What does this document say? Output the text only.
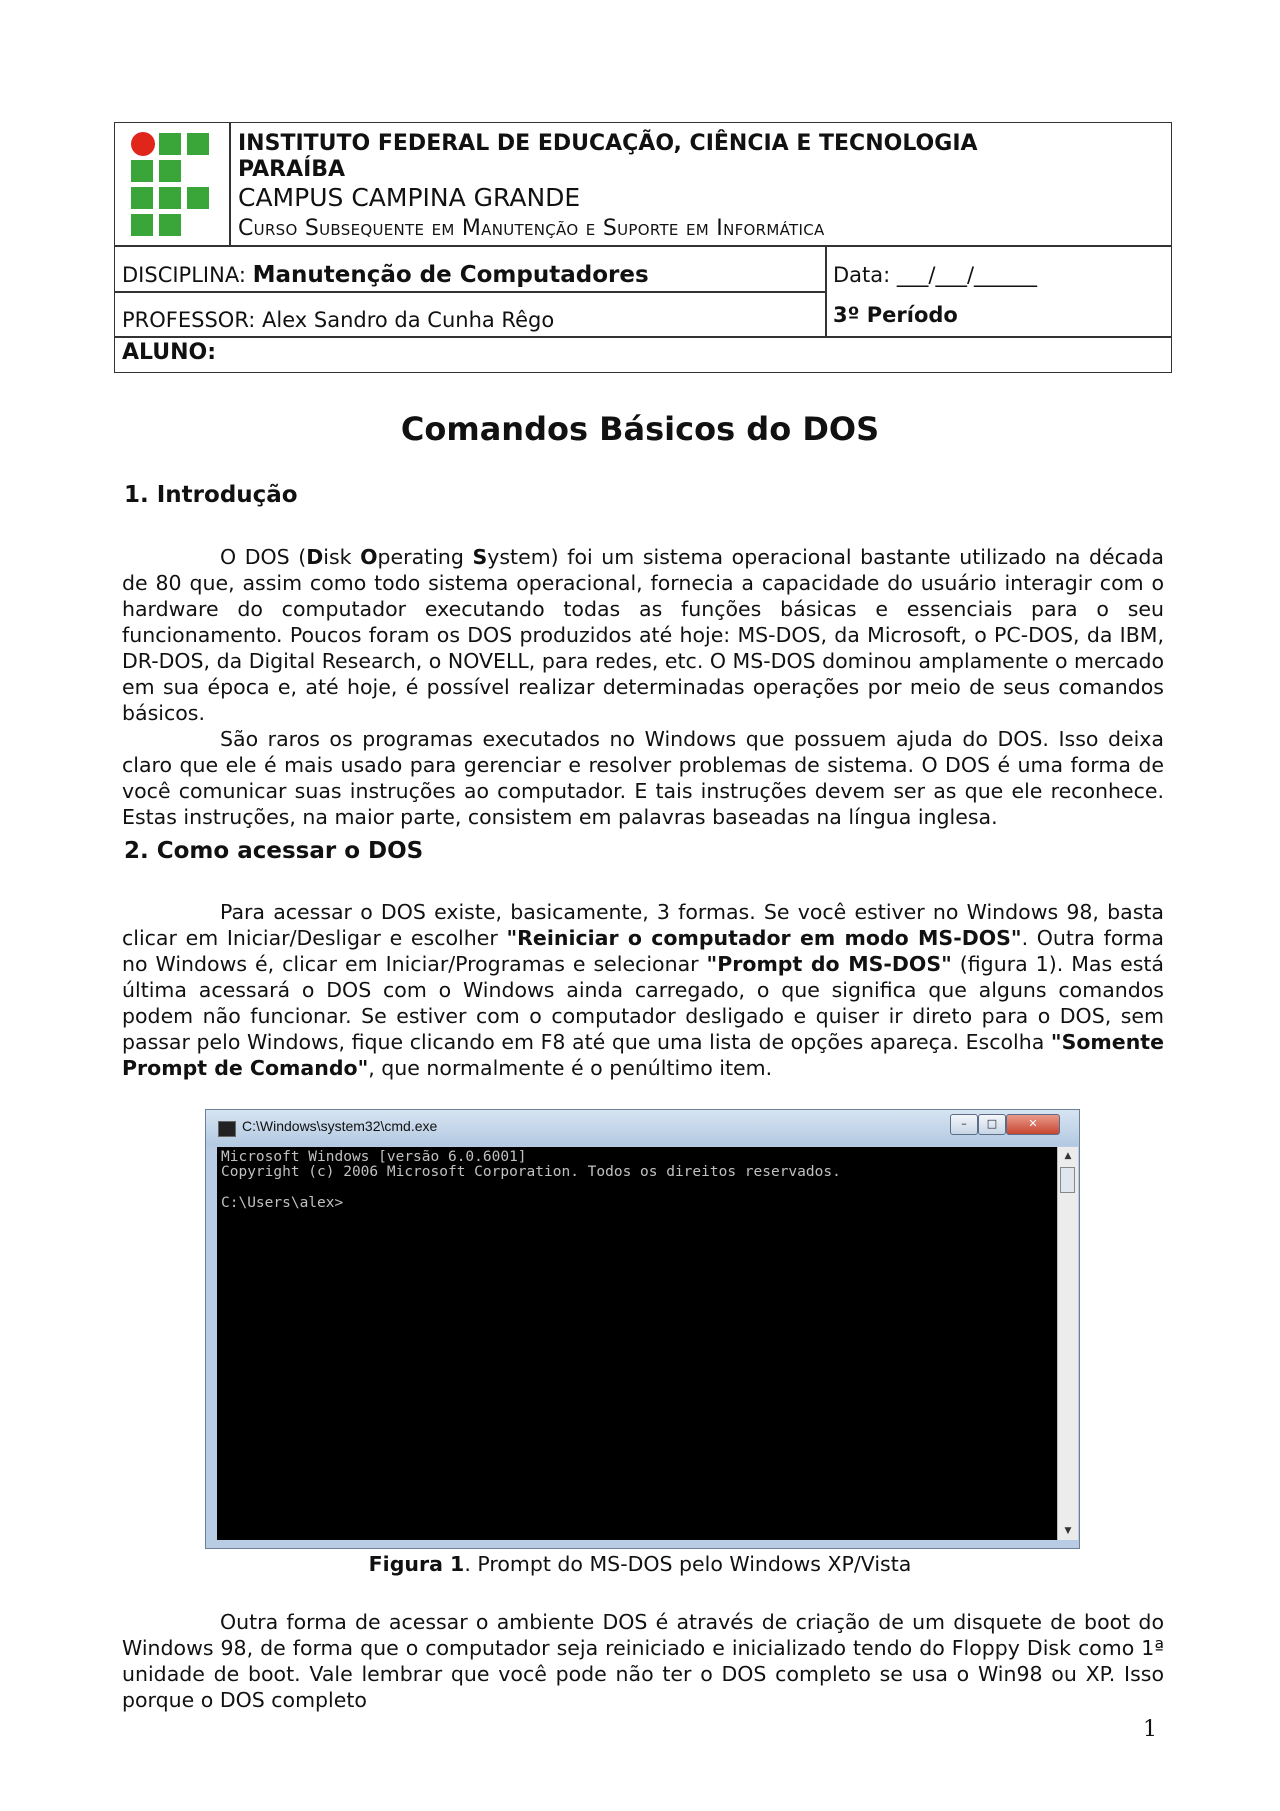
INSTITUTO FEDERAL DE EDUCAÇÃO, CIÊNCIA E TECNOLOGIA
PARAÍBA
CAMPUS CAMPINA GRANDE
Curso Subsequente em Manutenção e Suporte em Informática
DISCIPLINA: Manutenção de Computadores	Data: ___/___/______
PROFESSOR: Alex Sandro da Cunha Rêgo	3º Período
ALUNO:
Comandos Básicos do DOS
1. Introdução

O DOS (Disk Operating System) foi um sistema operacional bastante utilizado na década de 80 que, assim como todo sistema operacional, fornecia a capacidade do usuário interagir com o hardware do computador executando todas as funções básicas e essenciais para o seu funcionamento. Poucos foram os DOS produzidos até hoje: MS-DOS, da Microsoft, o PC-DOS, da IBM, DR-DOS, da Digital Research, o NOVELL, para redes, etc. O MS-DOS dominou amplamente o mercado em sua época e, até hoje, é possível realizar determinadas operações por meio de seus comandos básicos.

São raros os programas executados no Windows que possuem ajuda do DOS. Isso deixa claro que ele é mais usado para gerenciar e resolver problemas de sistema. O DOS é uma forma de você comunicar suas instruções ao computador. E tais instruções devem ser as que ele reconhece. Estas instruções, na maior parte, consistem em palavras baseadas na língua inglesa.

2. Como acessar o DOS

Para acessar o DOS existe, basicamente, 3 formas. Se você estiver no Windows 98, basta clicar em Iniciar/Desligar e escolher "Reiniciar o computador em modo MS-DOS". Outra forma no Windows é, clicar em Iniciar/Programas e selecionar "Prompt do MS-DOS" (figura 1). Mas está última acessará o DOS com o Windows ainda carregado, o que significa que alguns comandos podem não funcionar. Se estiver com o computador desligado e quiser ir direto para o DOS, sem passar pelo Windows, fique clicando em F8 até que uma lista de opções apareça. Escolha "Somente Prompt de Comando", que normalmente é o penúltimo item.

C:\Windows\system32\cmd.exe	–	□	✕
Microsoft Windows [versão 6.0.6001]
Copyright (c) 2006 Microsoft Corporation. Todos os direitos reservados.
C:\Users\alex>
▲
▼
Figura 1. Prompt do MS-DOS pelo Windows XP/Vista

Outra forma de acessar o ambiente DOS é através de criação de um disquete de boot do Windows 98, de forma que o computador seja reiniciado e inicializado tendo do Floppy Disk como 1ª unidade de boot. Vale lembrar que você pode não ter o DOS completo se usa o Win98 ou XP. Isso porque o DOS completo

1
